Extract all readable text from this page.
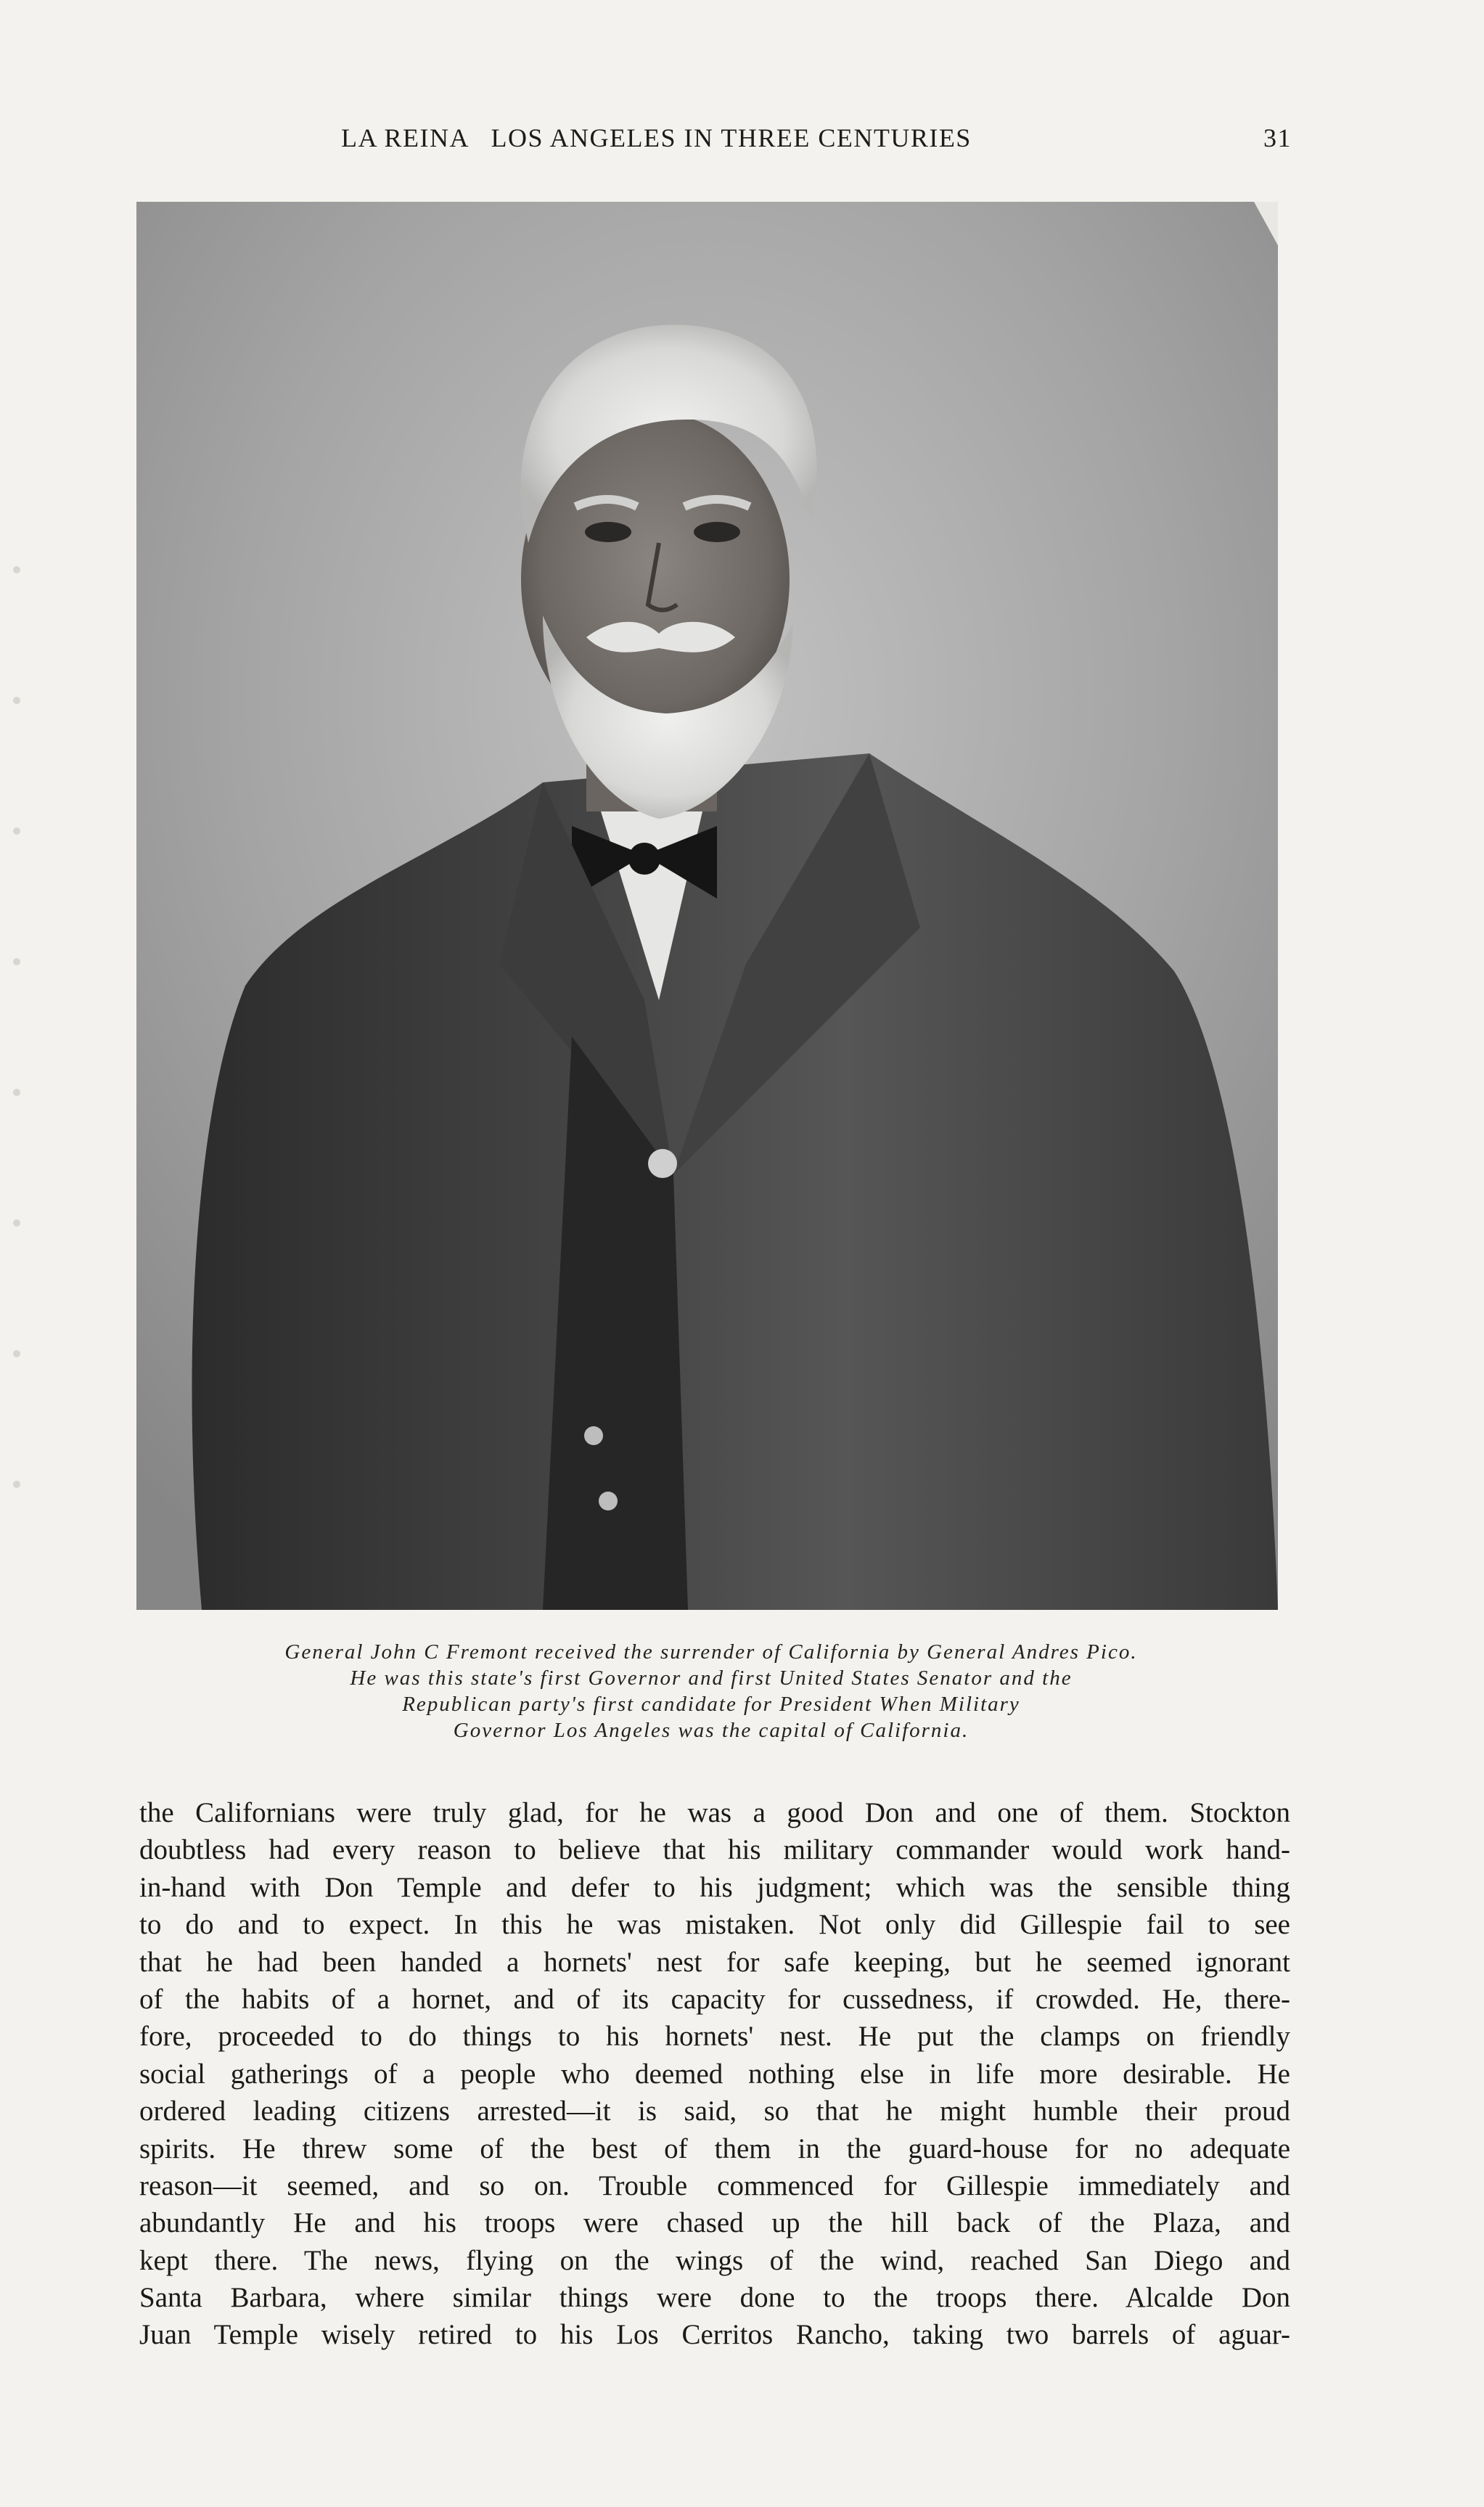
LA REINA   LOS ANGELES IN THREE CENTURIES	31
General John C Fremont received the surrender of California by General Andres Pico.
He was this state's first Governor and first United States Senator and the
Republican party's first candidate for President When Military
Governor Los Angeles was the capital of California.
the Californians were truly glad, for he was a good Don and one of them. Stockton
doubtless had every reason to believe that his military commander would work hand-
in-hand with Don Temple and defer to his judgment; which was the sensible thing
to do and to expect. In this he was mistaken. Not only did Gillespie fail to see
that he had been handed a hornets' nest for safe keeping, but he seemed ignorant
of the habits of a hornet, and of its capacity for cussedness, if crowded. He, there-
fore, proceeded to do things to his hornets' nest. He put the clamps on friendly
social gatherings of a people who deemed nothing else in life more desirable. He
ordered leading citizens arrested—it is said, so that he might humble their proud
spirits. He threw some of the best of them in the guard-house for no adequate
reason—it seemed, and so on. Trouble commenced for Gillespie immediately and
abundantly He and his troops were chased up the hill back of the Plaza, and
kept there. The news, flying on the wings of the wind, reached San Diego and
Santa Barbara, where similar things were done to the troops there. Alcalde Don
Juan Temple wisely retired to his Los Cerritos Rancho, taking two barrels of aguar-
